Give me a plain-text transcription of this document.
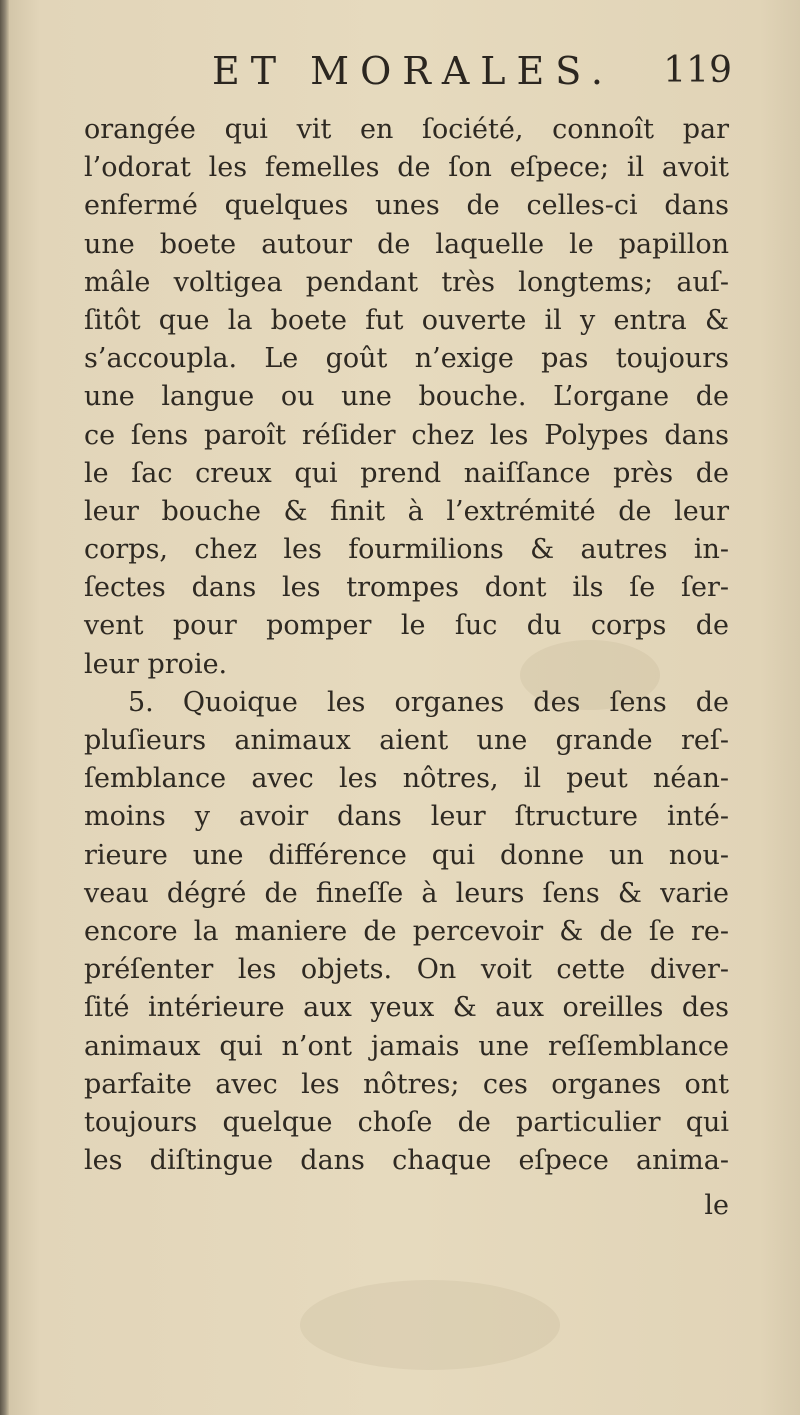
ET MORALES. 119
orangée qui vit en ſociété, connoît par
l’odorat les femelles de ſon eſpece; il avoit
enfermé quelques unes de celles-ci dans
une boete autour de laquelle le papillon
mâle voltigea pendant très longtems; auſ-
ſitôt que la boete fut ouverte il y entra &
s’accoupla. Le goût n’exige pas toujours
une langue ou une bouche. L’organe de
ce ſens paroît réſider chez les Polypes dans
le ſac creux qui prend naiſſance près de
leur bouche & finit à l’extrémité de leur
corps, chez les fourmilions & autres in-
ſectes dans les trompes dont ils ſe ſer-
vent pour pomper le ſuc du corps de
leur proie.
5. Quoique les organes des ſens de
pluſieurs animaux aient une grande reſ-
ſemblance avec les nôtres, il peut néan-
moins y avoir dans leur ſtructure inté-
rieure une différence qui donne un nou-
veau dégré de fineſſe à leurs ſens & varie
encore la maniere de percevoir & de ſe re-
préſenter les objets. On voit cette diver-
ſité intérieure aux yeux & aux oreilles des
animaux qui n’ont jamais une reſſemblance
parfaite avec les nôtres; ces organes ont
toujours quelque choſe de particulier qui
les diſtingue dans chaque eſpece anima-
le
